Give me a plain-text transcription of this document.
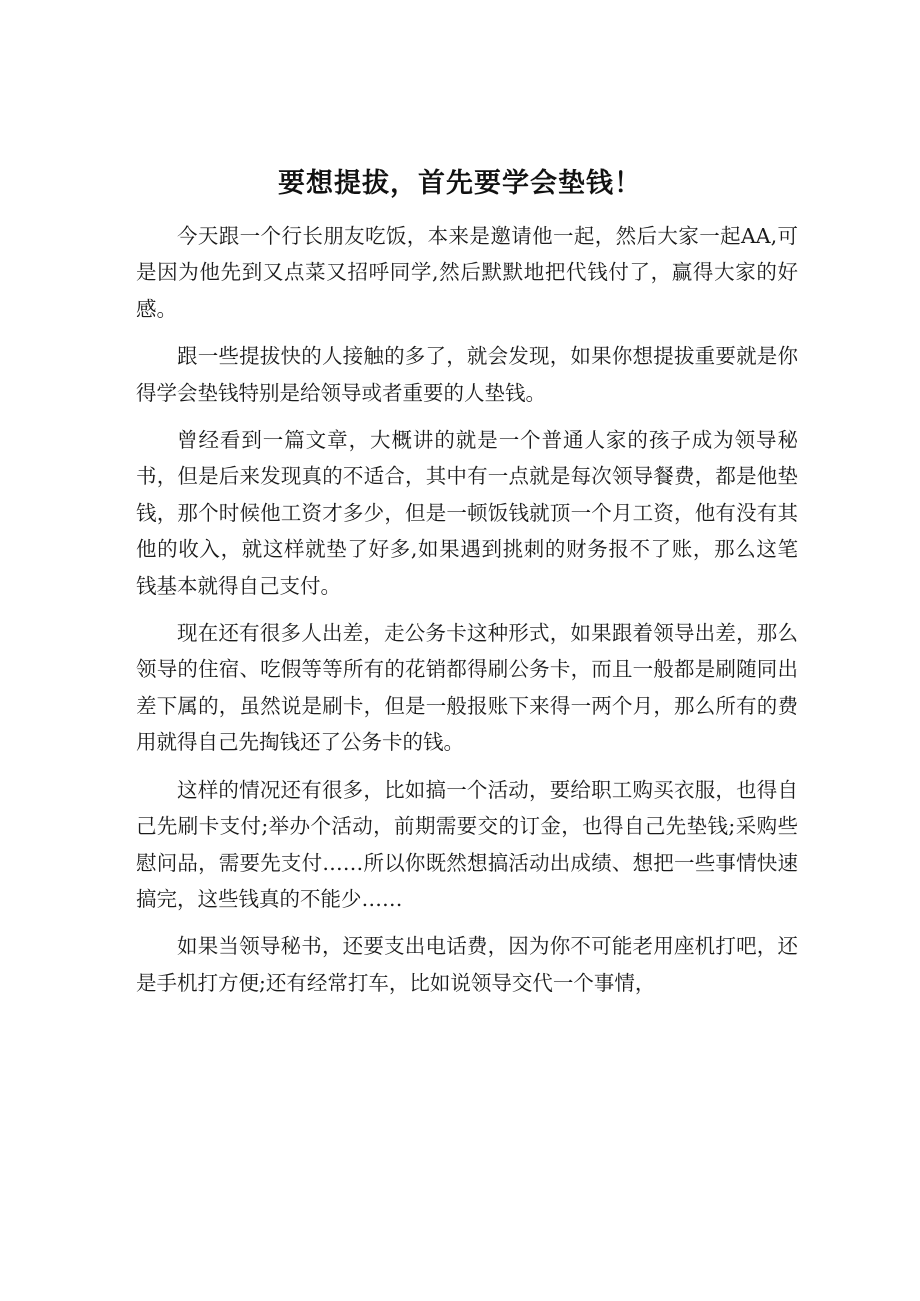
要想提拔，首先要学会垫钱！

今天跟一个行长朋友吃饭，本来是邀请他一起，然后大家一起AA,可是因为他先到又点菜又招呼同学,然后默默地把代钱付了，赢得大家的好感。

跟一些提拔快的人接触的多了，就会发现，如果你想提拔重要就是你得学会垫钱特别是给领导或者重要的人垫钱。

曾经看到一篇文章，大概讲的就是一个普通人家的孩子成为领导秘书，但是后来发现真的不适合，其中有一点就是每次领导餐费，都是他垫钱，那个时候他工资才多少，但是一顿饭钱就顶一个月工资，他有没有其他的收入，就这样就垫了好多,如果遇到挑刺的财务报不了账，那么这笔钱基本就得自己支付。

现在还有很多人出差，走公务卡这种形式，如果跟着领导出差，那么领导的住宿、吃假等等所有的花销都得刷公务卡，而且一般都是刷随同出差下属的，虽然说是刷卡，但是一般报账下来得一两个月，那么所有的费用就得自己先掏钱还了公务卡的钱。

这样的情况还有很多，比如搞一个活动，要给职工购买衣服，也得自己先刷卡支付;举办个活动，前期需要交的订金，也得自己先垫钱;采购些慰问品，需要先支付……所以你既然想搞活动出成绩、想把一些事情快速搞完，这些钱真的不能少……

如果当领导秘书，还要支出电话费，因为你不可能老用座机打吧，还是手机打方便;还有经常打车，比如说领导交代一个事情，
